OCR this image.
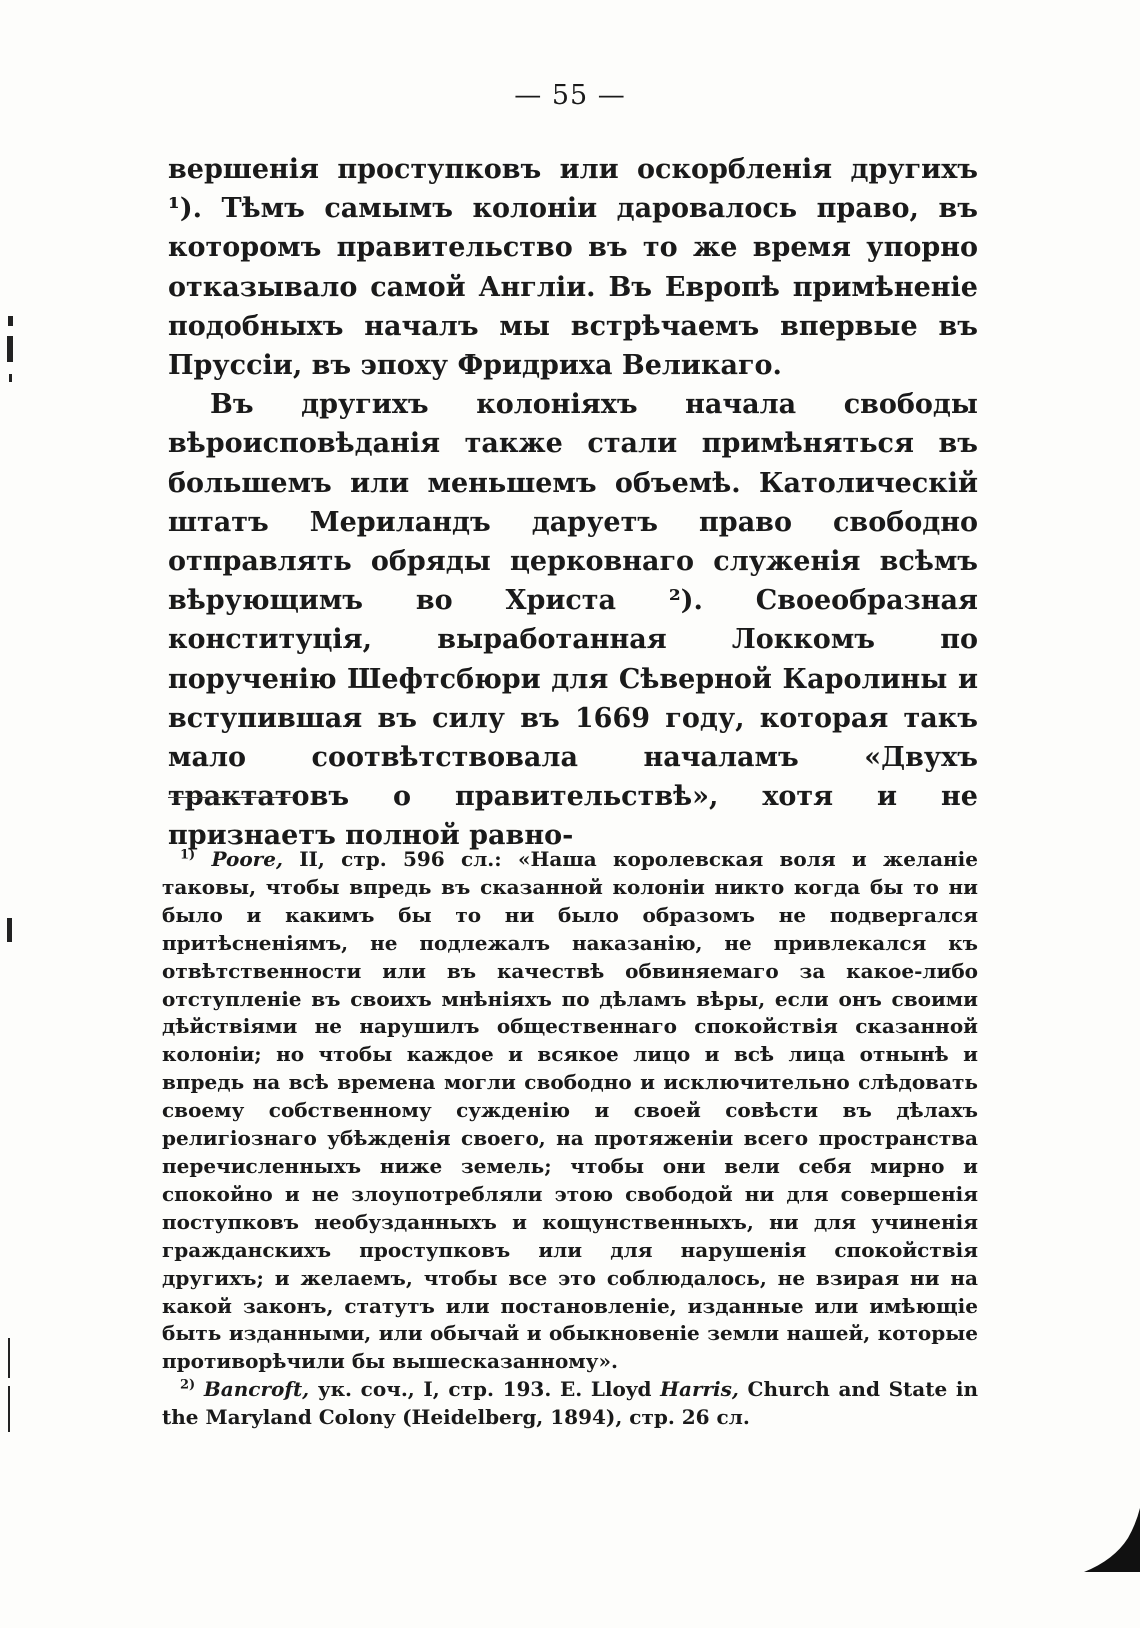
— 55 —

вершенія проступковъ или оскорбленія другихъ ¹). Тѣмъ самымъ колоніи даровалось право, въ которомъ правительство въ то же время упорно отказывало самой Англіи. Въ Европѣ примѣненіе подобныхъ началъ мы встрѣчаемъ впервые въ Пруссіи, въ эпоху Фридриха Великаго.

Въ другихъ колоніяхъ начала свободы вѣроисповѣданія также стали примѣняться въ большемъ или меньшемъ объемѣ. Католическій штатъ Мериландъ даруетъ право свободно отправлять обряды церковнаго служенія всѣмъ вѣрующимъ во Христа ²). Своеобразная конституція, выработанная Локкомъ по порученію Шефтсбюри для Сѣверной Каролины и вступившая въ силу въ 1669 году, которая такъ мало соотвѣтствовала началамъ «Двухъ трактатовъ о правительствѣ», хотя и не признаетъ полной равно-

$^{1)}$ Poore, II, стр. 596 сл.: «Наша королевская воля и желаніе таковы, чтобы впредь въ сказанной колоніи никто когда бы то ни было и какимъ бы то ни было образомъ не подвергался притѣсненіямъ, не подлежалъ наказанію, не привлекался къ отвѣтственности или въ качествѣ обвиняемаго за какое-либо отступленіе въ своихъ мнѣніяхъ по дѣламъ вѣры, если онъ своими дѣйствіями не нарушилъ общественнаго спокойствія сказанной колоніи; но чтобы каждое и всякое лицо и всѣ лица отнынѣ и впредь на всѣ времена могли свободно и исключительно слѣдовать своему собственному сужденію и своей совѣсти въ дѣлахъ религіознаго убѣжденія своего, на протяженіи всего пространства перечисленныхъ ниже земель; чтобы они вели себя мирно и спокойно и не злоупотребляли этою свободой ни для совершенія поступковъ необузданныхъ и кощунственныхъ, ни для учиненія гражданскихъ проступковъ или для нарушенія спокойствія другихъ; и желаемъ, чтобы все это соблюдалось, не взирая ни на какой законъ, статутъ или постановленіе, изданные или имѣющіе быть изданными, или обычай и обыкновеніе земли нашей, которые противорѣчили бы вышесказанному».

$^{2)}$ Bancroft, ук. соч., I, стр. 193. E. Lloyd Harris, Church and State in the Maryland Colony (Heidelberg, 1894), стр. 26 сл.
